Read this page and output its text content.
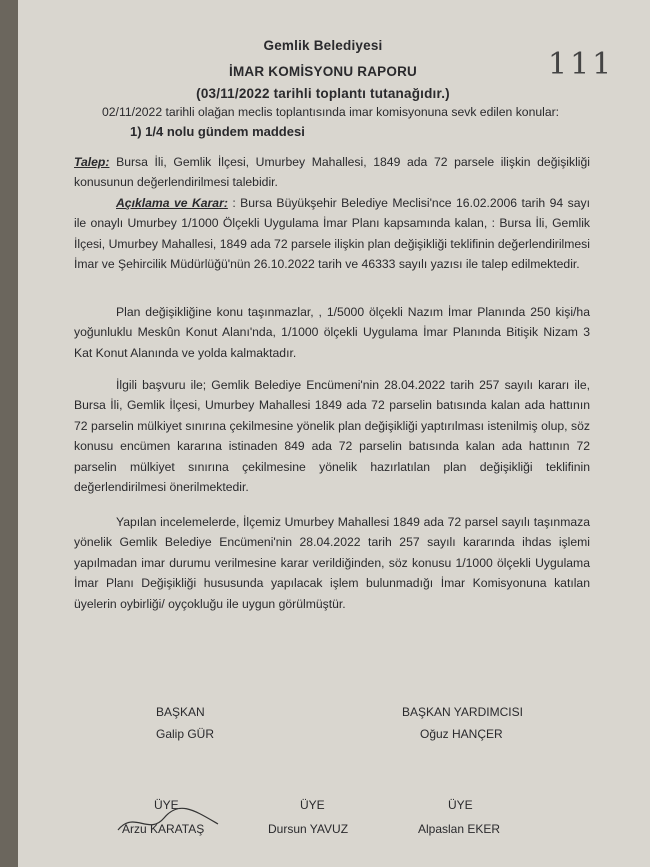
111
Gemlik Belediyesi
İMAR KOMİSYONU RAPORU
(03/11/2022 tarihli toplantı tutanağıdır.)
02/11/2022 tarihli olağan meclis toplantısında imar komisyonuna sevk edilen konular:
1) 1/4 nolu gündem maddesi

Talep: Bursa İli, Gemlik İlçesi, Umurbey Mahallesi, 1849 ada 72 parsele ilişkin değişikliği konusunun değerlendirilmesi talebidir.

Açıklama ve Karar: : Bursa Büyükşehir Belediye Meclisi'nce 16.02.2006 tarih 94 sayı ile onaylı Umurbey 1/1000 Ölçekli Uygulama İmar Planı kapsamında kalan, : Bursa İli, Gemlik İlçesi, Umurbey Mahallesi, 1849 ada 72 parsele ilişkin plan değişikliği teklifinin değerlendirilmesi İmar ve Şehircilik Müdürlüğü'nün 26.10.2022 tarih ve 46333 sayılı yazısı ile talep edilmektedir.

Plan değişikliğine konu taşınmazlar, , 1/5000 ölçekli Nazım İmar Planında 250 kişi/ha yoğunluklu Meskûn Konut Alanı'nda, 1/1000 ölçekli Uygulama İmar Planında Bitişik Nizam 3 Kat Konut Alanında ve yolda kalmaktadır.

İlgili başvuru ile; Gemlik Belediye Encümeni'nin 28.04.2022 tarih 257 sayılı kararı ile, Bursa İli, Gemlik İlçesi, Umurbey Mahallesi 1849 ada 72 parselin batısında kalan ada hattının 72 parselin mülkiyet sınırına çekilmesine yönelik plan değişikliği yaptırılması istenilmiş olup, söz konusu encümen kararına istinaden 849 ada 72 parselin batısında kalan ada hattının 72 parselin mülkiyet sınırına çekilmesine yönelik hazırlatılan plan değişikliği teklifinin değerlendirilmesi önerilmektedir.

Yapılan incelemelerde, İlçemiz Umurbey Mahallesi 1849 ada 72 parsel sayılı taşınmaza yönelik Gemlik Belediye Encümeni'nin 28.04.2022 tarih 257 sayılı kararında ihdas işlemi yapılmadan imar durumu verilmesine karar verildiğinden, söz konusu 1/1000 ölçekli Uygulama İmar Planı Değişikliği hususunda yapılacak işlem bulunmadığı İmar Komisyonuna katılan üyelerin oybirliği/ oyçokluğu ile uygun görülmüştür.

BAŞKAN
Galip GÜR
BAŞKAN YARDIMCISI
Oğuz HANÇER
ÜYE
Arzu KARATAŞ
ÜYE
Dursun YAVUZ
ÜYE
Alpaslan EKER
